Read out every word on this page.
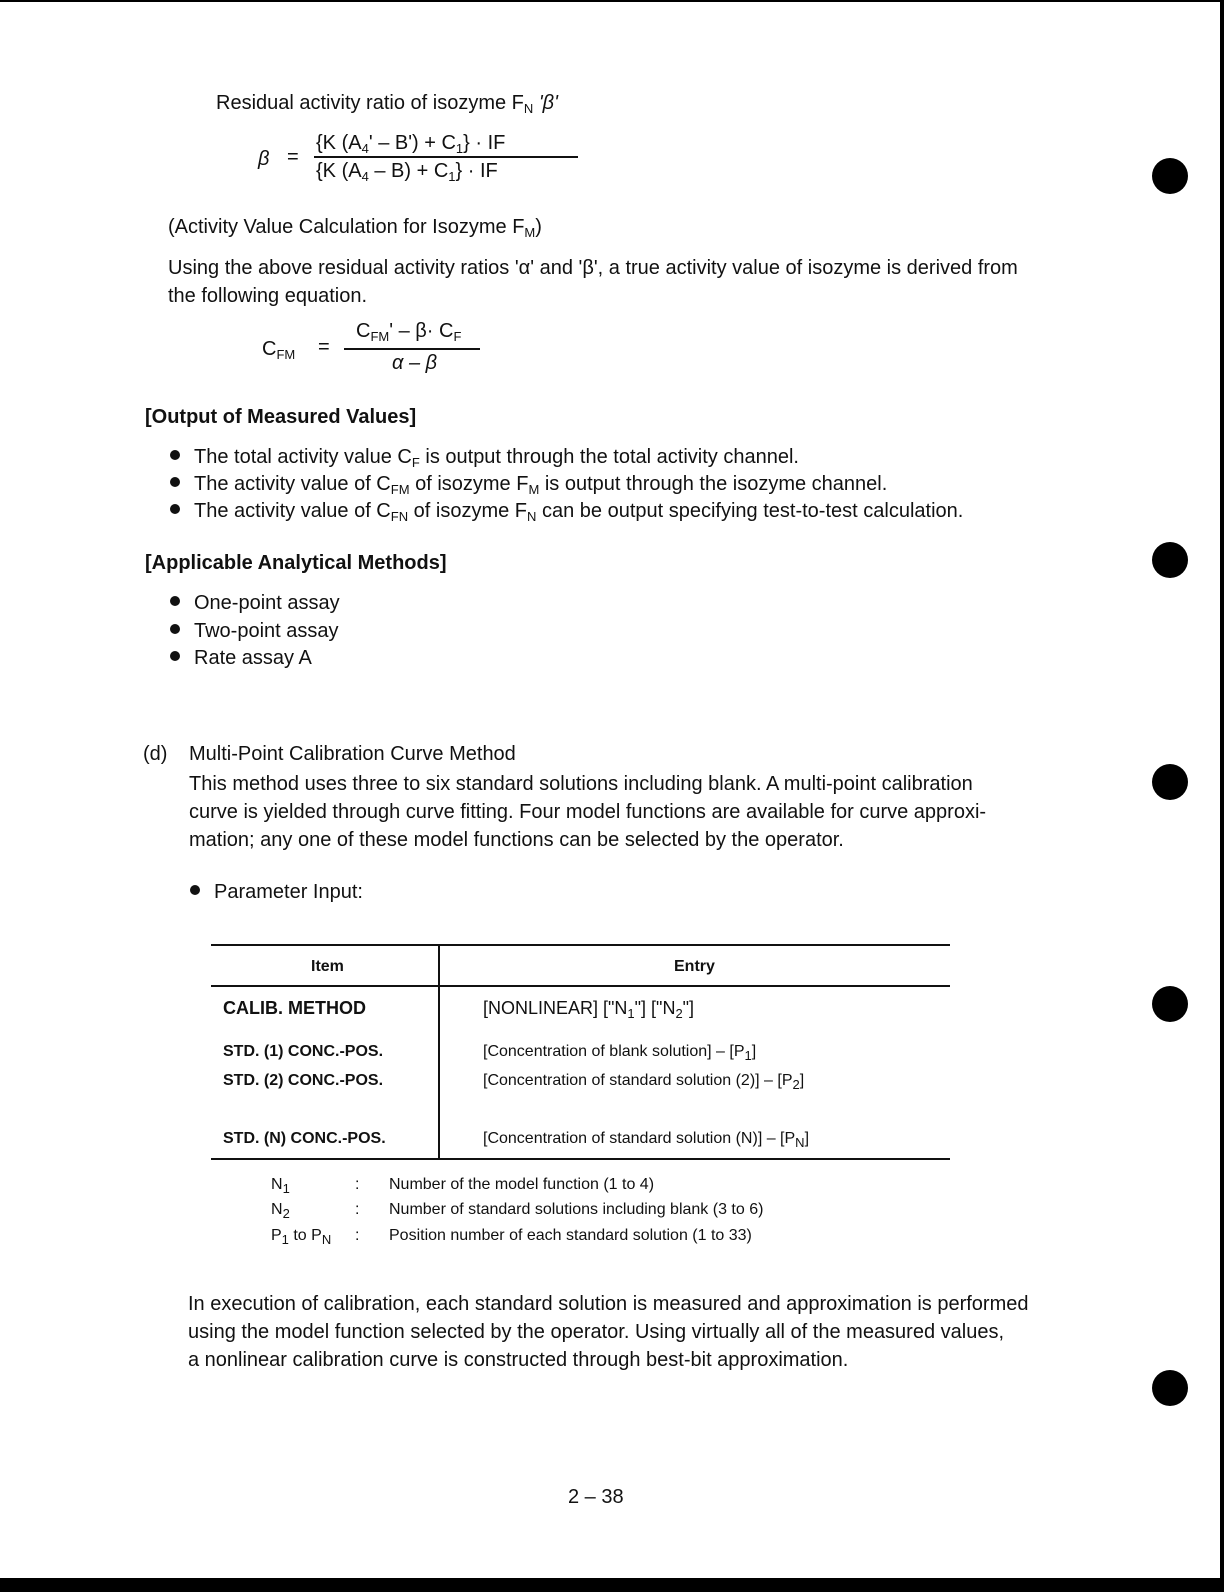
Residual activity ratio of isozyme $F_N$ 'β'
β =
{K $(A_4' - B') + C_1$} · IF
{K $(A_4 - B) + C_1$} · IF
(Activity Value Calculation for Isozyme $F_M$)
Using the above residual activity ratios 'α' and 'β', a true activity value of isozyme is derived from
the following equation.
$C_{FM}$ =
$C_{FM}' - \beta\cdot C_F$
α – β
[Output of Measured Values]
The total activity value $C_F$ is output through the total activity channel.
The activity value of $C_{FM}$ of isozyme $F_M$ is output through the isozyme channel.
The activity value of $C_{FN}$ of isozyme $F_N$ can be output specifying test-to-test calculation.
[Applicable Analytical Methods]
One-point assay
Two-point assay
Rate assay A
(d) Multi-Point Calibration Curve Method
This method uses three to six standard solutions including blank. A multi-point calibration
curve is yielded through curve fitting. Four model functions are available for curve approxi-
mation; any one of these model functions can be selected by the operator.
Parameter Input:
Item	Entry
CALIB. METHOD	[NONLINEAR] $["N_1"]$ $["N_2"]$
STD. (1) CONC.-POS.	[Concentration of blank solution] – $[P_1]$
STD. (2) CONC.-POS.	[Concentration of standard solution $(2)] - [P_2]$
STD. (N) CONC.-POS.	[Concentration of standard solution $(N)] - [P_N]$
$N_1$	: Number of the model function (1 to 4)
$N_2$	: Number of standard solutions including blank (3 to 6)
$P_1$ to $P_N$ : Position number of each standard solution (1 to 33)
In execution of calibration, each standard solution is measured and approximation is performed
using the model function selected by the operator. Using virtually all of the measured values,
a nonlinear calibration curve is constructed through best-bit approximation.
2 – 38
